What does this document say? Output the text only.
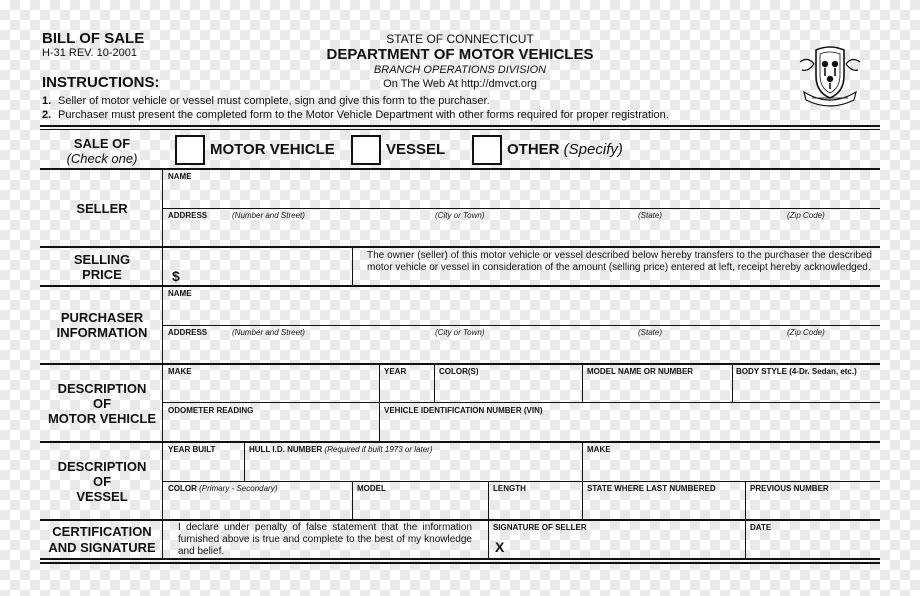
BILL OF SALE
H-31 REV. 10-2001
STATE OF CONNECTICUT
DEPARTMENT OF MOTOR VEHICLES
BRANCH OPERATIONS DIVISION
On The Web At http://dmvct.org
INSTRUCTIONS:
1. Seller of motor vehicle or vessel must complete, sign and give this form to the purchaser.
2. Purchaser must present the completed form to the Motor Vehicle Department with other forms required for proper registration.
SALE OF
(Check one)
MOTOR VEHICLE	VESSEL	OTHER (Specify)
SELLER
NAME
ADDRESS	(Number and Street)	(City or Town)	(State)	(Zip Code)
SELLING
PRICE	$
The owner (seller) of this motor vehicle or vessel described below hereby transfers to the purchaser the described motor vehicle or vessel in consideration of the amount (selling price) entered at left, receipt hereby acknowledged.
PURCHASER
INFORMATION
NAME
ADDRESS	(Number and Street)	(City or Town)	(State)	(Zip Code)
DESCRIPTION
OF
MOTOR VEHICLE
MAKE	YEAR	COLOR(S)	MODEL NAME OR NUMBER	BODY STYLE (4-Dr. Sedan, etc.)
ODOMETER READING	VEHICLE IDENTIFICATION NUMBER (VIN)
DESCRIPTION
OF
VESSEL
YEAR BUILT	HULL I.D. NUMBER (Required if built 1973 or later)	MAKE
COLOR (Primary - Secondary)	MODEL	LENGTH	STATE WHERE LAST NUMBERED	PREVIOUS NUMBER
CERTIFICATION
AND SIGNATURE
I declare under penalty of false statement that the information furnished above is true and complete to the best of my knowledge and belief.
SIGNATURE OF SELLER
X
DATE
